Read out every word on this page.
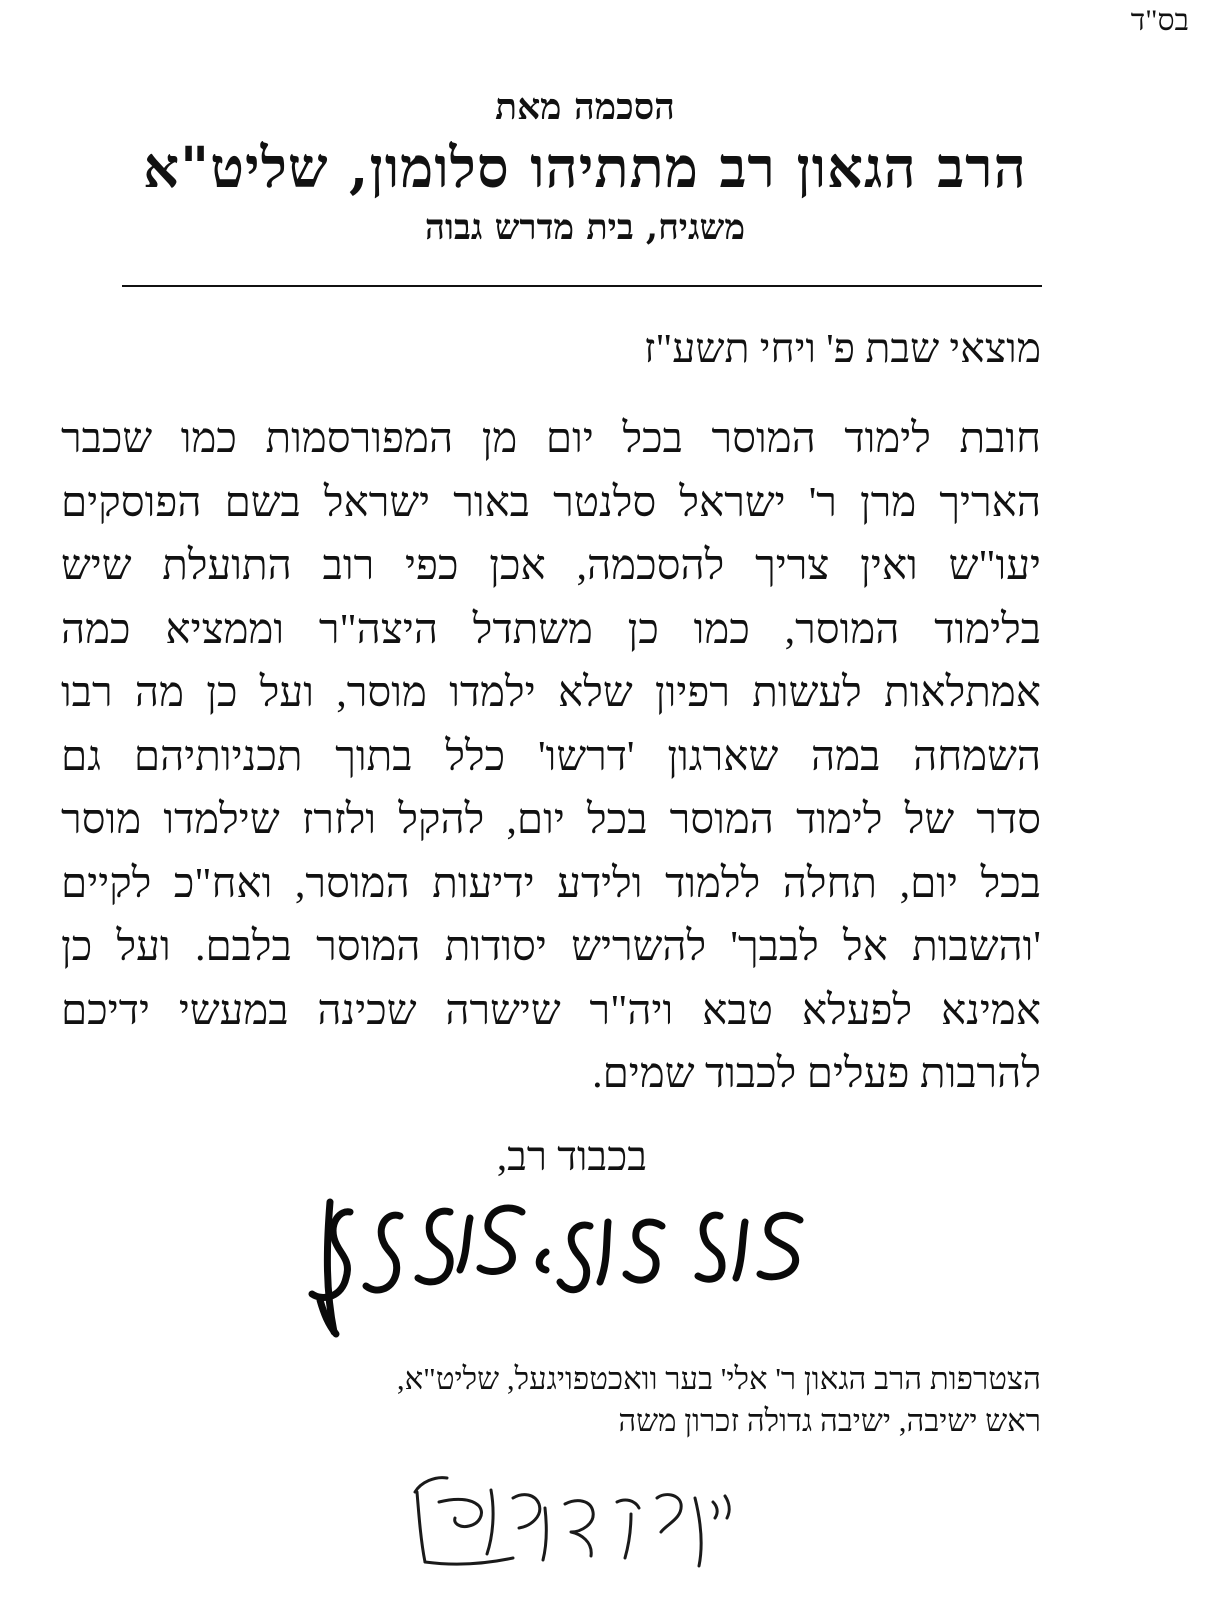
בס"ד
הסכמה מאת
הרב הגאון רב מתתיהו סלומון, שליט"א
משגיח, בית מדרש גבוה
מוצאי שבת פ' ויחי תשע"ז
חובת לימוד המוסר בכל יום מן המפורסמות כמו שכבר
האריך מרן ר' ישראל סלנטר באור ישראל בשם הפוסקים
יעו"ש ואין צריך להסכמה, אכן כפי רוב התועלת שיש
בלימוד המוסר, כמו כן משתדל היצה"ר וממציא כמה
אמתלאות לעשות רפיון שלא ילמדו מוסר, ועל כן מה רבו
השמחה במה שארגון 'דרשו' כלל בתוך תכניותיהם גם
סדר של לימוד המוסר בכל יום, להקל ולזרז שילמדו מוסר
בכל יום, תחלה ללמוד ולידע ידיעות המוסר, ואח"כ לקיים
'והשבות אל לבבך' להשריש יסודות המוסר בלבם. ועל כן
אמינא לפעלא טבא ויה"ר שישרה שכינה במעשי ידיכם
להרבות פעלים לכבוד שמים.
בכבוד רב,
הצטרפות הרב הגאון ר' אלי' בער וואכטפויגעל, שליט"א,
ראש ישיבה, ישיבה גדולה זכרון משה
